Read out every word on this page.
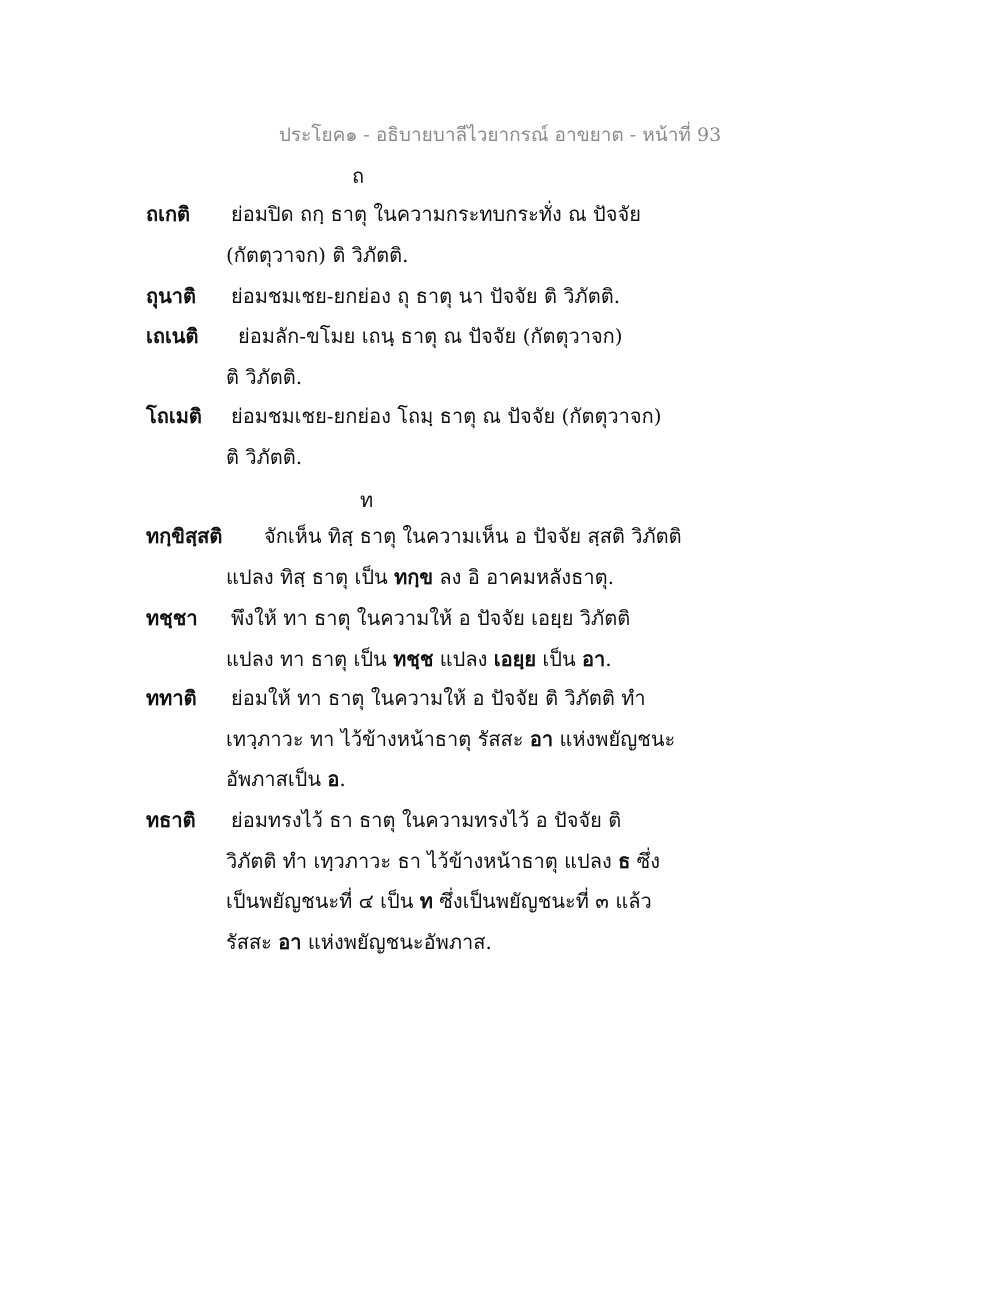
ประโยค๑ - อธิบายบาลีไวยากรณ์ อาขยาต - หน้าที่ 93
ถ
ถเกติ ย่อมปิด ถกฺ ธาตุ ในความกระทบกระทั่ง ณ ปัจจัย
(กัตตุวาจก) ติ วิภัตติ.
ถุนาติ ย่อมชมเชย-ยกย่อง ถุ ธาตุ นา ปัจจัย ติ วิภัตติ.
เถเนติ ย่อมลัก-ขโมย เถนฺ ธาตุ ณ ปัจจัย (กัตตุวาจก)
ติ วิภัตติ.
โถเมติ ย่อมชมเชย-ยกย่อง โถมฺ ธาตุ ณ ปัจจัย (กัตตุวาจก)
ติ วิภัตติ.
ท
ทกฺขิสฺสติ จักเห็น ทิสฺ ธาตุ ในความเห็น อ ปัจจัย สฺสติ วิภัตติ
แปลง ทิสฺ ธาตุ เป็น ทกฺข ลง อิ อาคมหลังธาตุ.
ทชฺชา พึงให้ ทา ธาตุ ในความให้ อ ปัจจัย เอยฺย วิภัตติ
แปลง ทา ธาตุ เป็น ทชฺช แปลง เอยฺย เป็น อา.
ททาติ ย่อมให้ ทา ธาตุ ในความให้ อ ปัจจัย ติ วิภัตติ ทำ
เทวฺภาวะ ทา ไว้ข้างหน้าธาตุ รัสสะ อา แห่งพยัญชนะ
อัพภาสเป็น อ.
ทธาติ ย่อมทรงไว้ ธา ธาตุ ในความทรงไว้ อ ปัจจัย ติ
วิภัตติ ทำ เทฺวภาวะ ธา ไว้ข้างหน้าธาตุ แปลง ธ ซึ่ง
เป็นพยัญชนะที่ ๔ เป็น ท ซึ่งเป็นพยัญชนะที่ ๓ แล้ว
รัสสะ อา แห่งพยัญชนะอัพภาส.
